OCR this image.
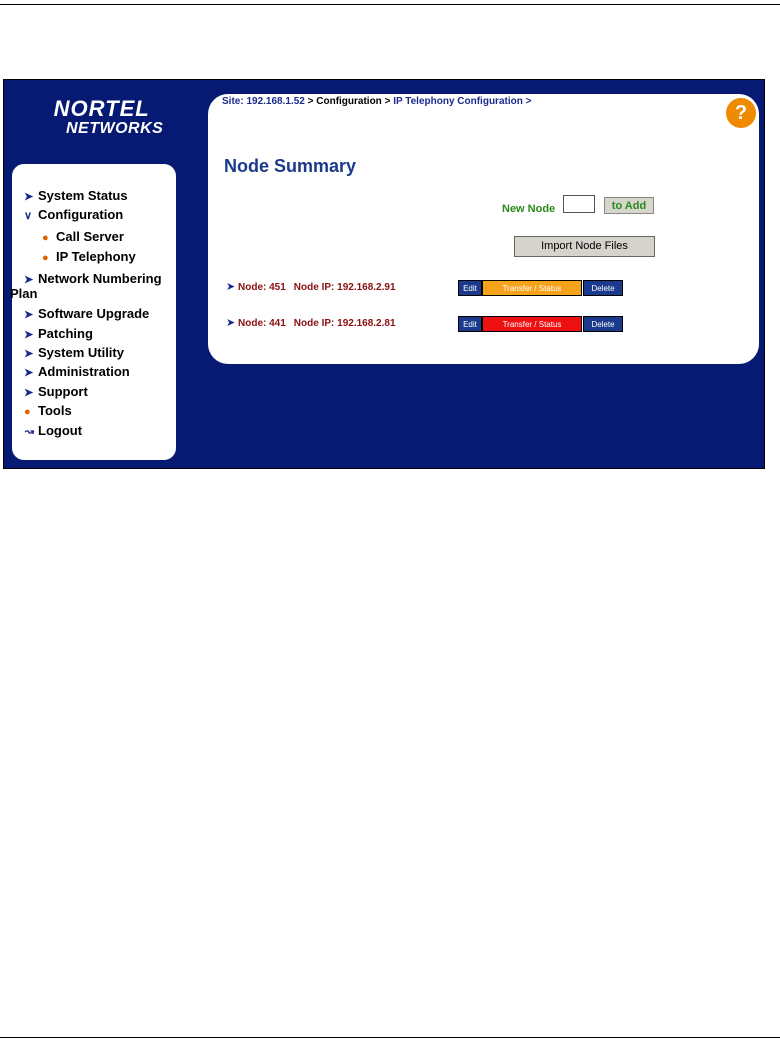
NORTEL
NETWORKS
➤ System Status
∨ Configuration
● Call Server
● IP Telephony
➤ Network Numbering
Plan
➤ Software Upgrade
➤ Patching
➤ System Utility
➤ Administration
➤ Support
● Tools
↝ Logout
Site: 192.168.1.52 > Configuration > IP Telephony Configuration >
?
Node Summary
New Node	to Add
Import Node Files
➤ Node: 451 Node IP: 192.168.2.91	Edit	Transfer / Status	Delete
➤ Node: 441 Node IP: 192.168.2.81	Edit	Transfer / Status	Delete
